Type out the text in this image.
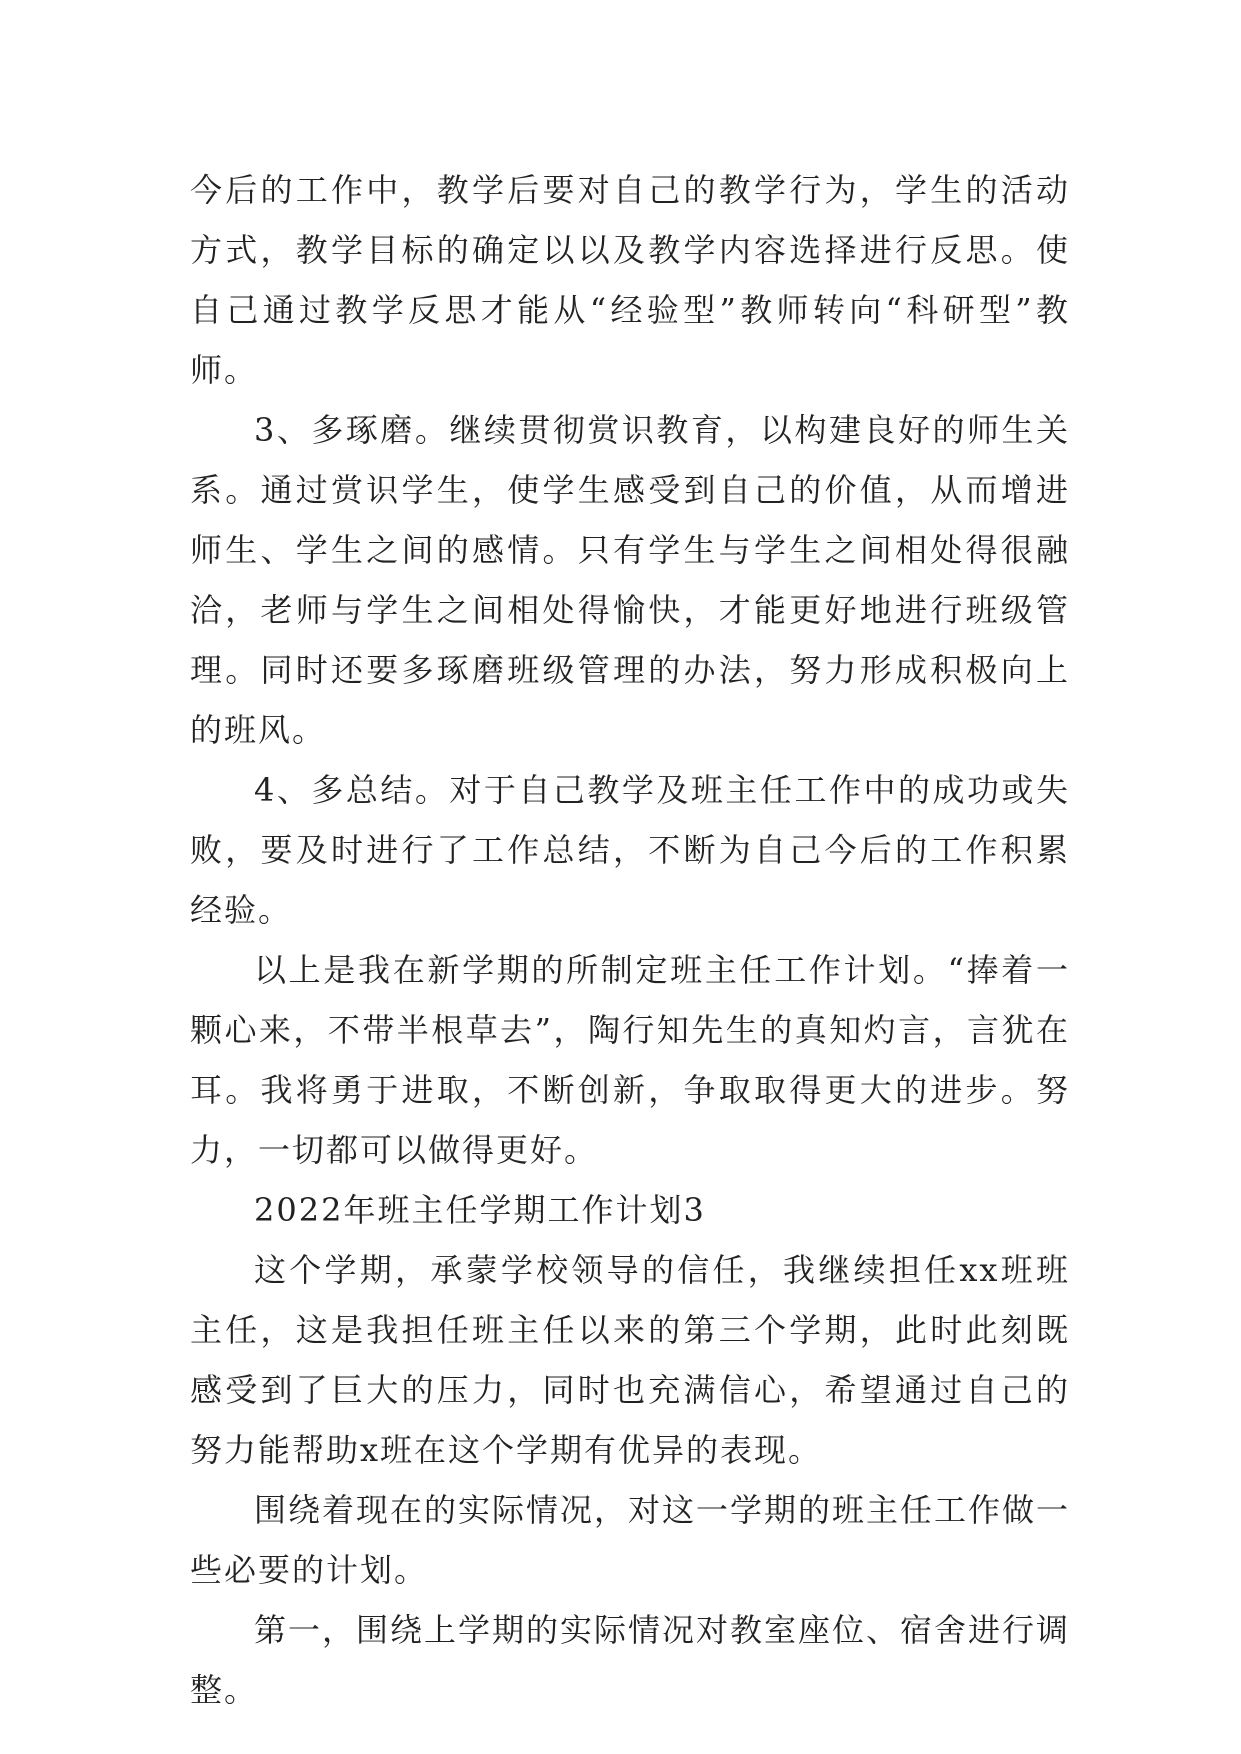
今后的工作中，教学后要对自己的教学行为，学生的活动方式，教学目标的确定以以及教学内容选择进行反思。使自己通过教学反思才能从“经验型”教师转向“科研型”教师。

3、多琢磨。继续贯彻赏识教育，以构建良好的师生关系。通过赏识学生，使学生感受到自己的价值，从而增进师生、学生之间的感情。只有学生与学生之间相处得很融洽，老师与学生之间相处得愉快，才能更好地进行班级管理。同时还要多琢磨班级管理的办法，努力形成积极向上的班风。

4、多总结。对于自己教学及班主任工作中的成功或失败，要及时进行了工作总结，不断为自己今后的工作积累经验。

以上是我在新学期的所制定班主任工作计划。“捧着一颗心来，不带半根草去”，陶行知先生的真知灼言，言犹在耳。我将勇于进取，不断创新，争取取得更大的进步。努力，一切都可以做得更好。

2022年班主任学期工作计划3

这个学期，承蒙学校领导的信任，我继续担任xx班班主任，这是我担任班主任以来的第三个学期，此时此刻既感受到了巨大的压力，同时也充满信心，希望通过自己的努力能帮助x班在这个学期有优异的表现。

围绕着现在的实际情况，对这一学期的班主任工作做一些必要的计划。

第一，围绕上学期的实际情况对教室座位、宿舍进行调整。
